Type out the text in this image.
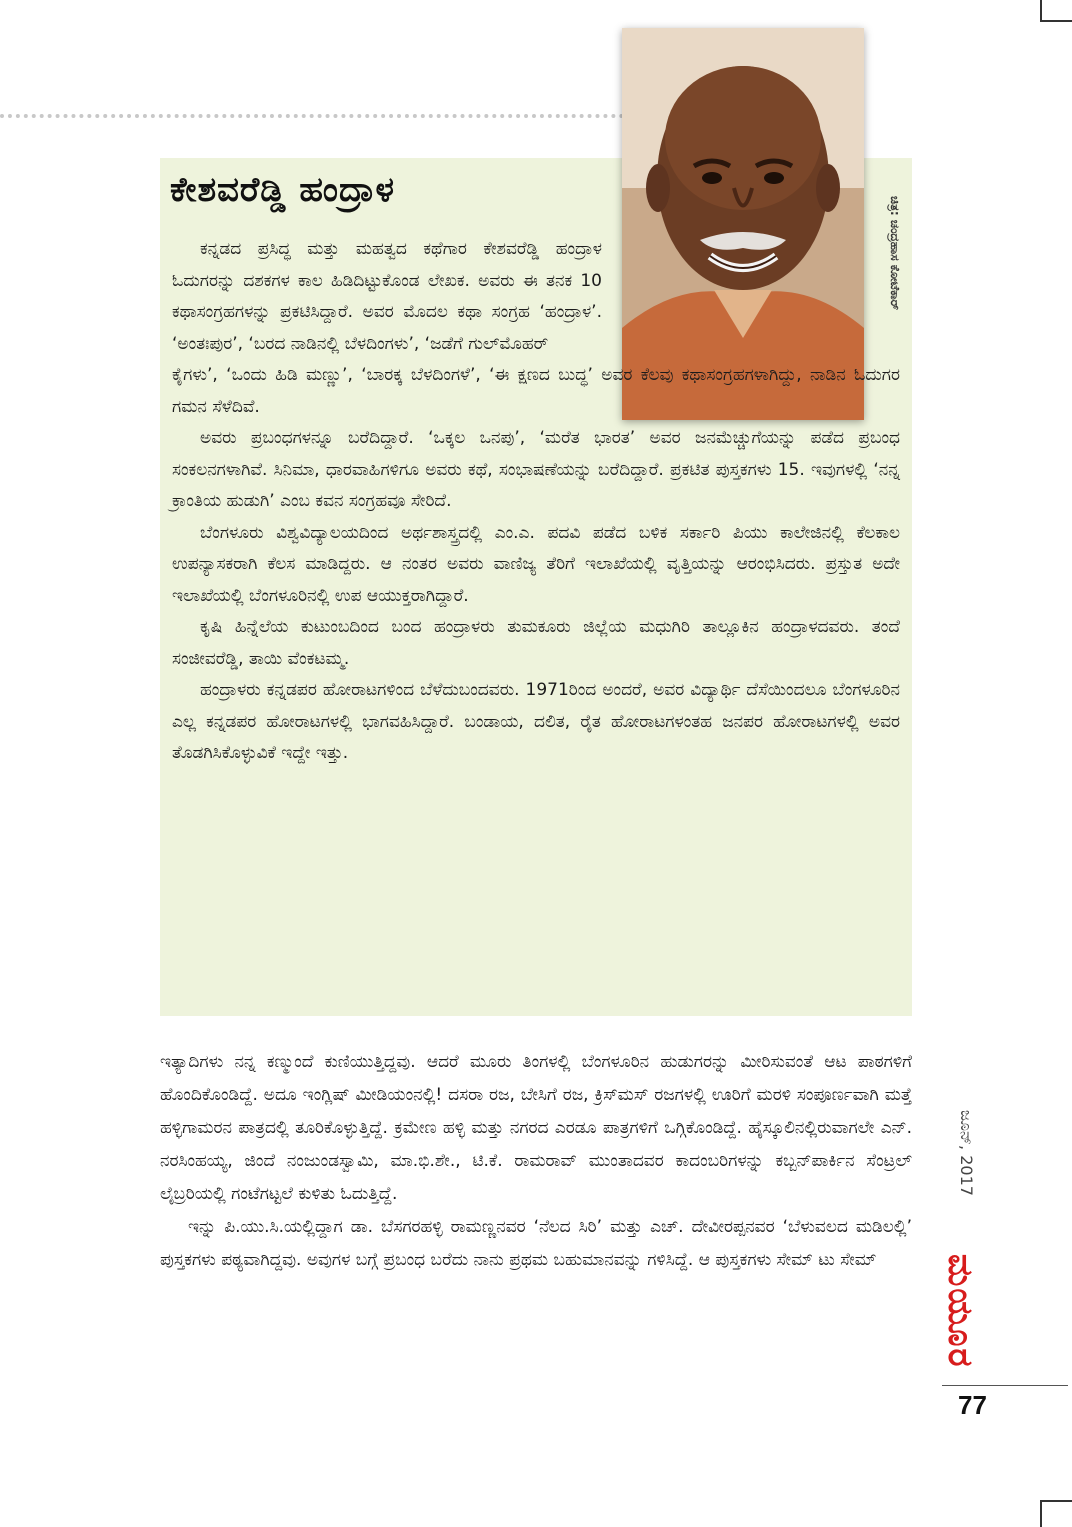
ಕೇಶವರೆಡ್ಡಿ ಹಂದ್ರಾಳ
ಚಿತ್ರ: ಚಂದ್ರಹಾಸ ಕೋಟೆಕಾರ್

ಕನ್ನಡದ ಪ್ರಸಿದ್ಧ ಮತ್ತು ಮಹತ್ವದ ಕಥೆಗಾರ ಕೇಶವರೆಡ್ಡಿ ಹಂದ್ರಾಳ ಓದುಗರನ್ನು ದಶಕಗಳ ಕಾಲ ಹಿಡಿದಿಟ್ಟುಕೊಂಡ ಲೇಖಕ. ಅವರು ಈ ತನಕ 10 ಕಥಾಸಂಗ್ರಹಗಳನ್ನು ಪ್ರಕಟಿಸಿದ್ದಾರೆ. ಅವರ ಮೊದಲ ಕಥಾ ಸಂಗ್ರಹ ‘ಹಂದ್ರಾಳ’. ‘ಅಂತಃಪುರ’, ‘ಬರದ ನಾಡಿನಲ್ಲಿ ಬೆಳದಿಂಗಳು’, ‘ಜಡೆಗೆ ಗುಲ್‌ಮೊಹರ್

ಕೈಗಳು’, ‘ಒಂದು ಹಿಡಿ ಮಣ್ಣು’, ‘ಬಾರಕ್ಕ ಬೆಳದಿಂಗಳೆ’, ‘ಈ ಕ್ಷಣದ ಬುದ್ಧ’ ಅವರ ಕೆಲವು ಕಥಾಸಂಗ್ರಹಗಳಾಗಿದ್ದು, ನಾಡಿನ ಓದುಗರ ಗಮನ ಸೆಳೆದಿವೆ.

ಅವರು ಪ್ರಬಂಧಗಳನ್ನೂ ಬರೆದಿದ್ದಾರೆ. ‘ಒಕ್ಕಲ ಒನಪು’, ‘ಮರೆತ ಭಾರತ’ ಅವರ ಜನಮೆಚ್ಚುಗೆಯನ್ನು ಪಡೆದ ಪ್ರಬಂಧ ಸಂಕಲನಗಳಾಗಿವೆ. ಸಿನಿಮಾ, ಧಾರವಾಹಿಗಳಿಗೂ ಅವರು ಕಥೆ, ಸಂಭಾಷಣೆಯನ್ನು ಬರೆದಿದ್ದಾರೆ. ಪ್ರಕಟಿತ ಪುಸ್ತಕಗಳು 15. ಇವುಗಳಲ್ಲಿ ‘ನನ್ನ ಕ್ರಾಂತಿಯ ಹುಡುಗಿ’ ಎಂಬ ಕವನ ಸಂಗ್ರಹವೂ ಸೇರಿದೆ.

ಬೆಂಗಳೂರು ವಿಶ್ವವಿದ್ಯಾಲಯದಿಂದ ಅರ್ಥಶಾಸ್ತ್ರದಲ್ಲಿ ಎಂ.ಎ. ಪದವಿ ಪಡೆದ ಬಳಿಕ ಸರ್ಕಾರಿ ಪಿಯು ಕಾಲೇಜಿನಲ್ಲಿ ಕೆಲಕಾಲ ಉಪನ್ಯಾಸಕರಾಗಿ ಕೆಲಸ ಮಾಡಿದ್ದರು. ಆ ನಂತರ ಅವರು ವಾಣಿಜ್ಯ ತೆರಿಗೆ ಇಲಾಖೆಯಲ್ಲಿ ವೃತ್ತಿಯನ್ನು ಆರಂಭಿಸಿದರು. ಪ್ರಸ್ತುತ ಅದೇ ಇಲಾಖೆಯಲ್ಲಿ ಬೆಂಗಳೂರಿನಲ್ಲಿ ಉಪ ಆಯುಕ್ತರಾಗಿದ್ದಾರೆ.

ಕೃಷಿ ಹಿನ್ನೆಲೆಯ ಕುಟುಂಬದಿಂದ ಬಂದ ಹಂದ್ರಾಳರು ತುಮಕೂರು ಜಿಲ್ಲೆಯ ಮಧುಗಿರಿ ತಾಲ್ಲೂಕಿನ ಹಂದ್ರಾಳದವರು. ತಂದೆ ಸಂಜೀವರೆಡ್ಡಿ, ತಾಯಿ ವೆಂಕಟಮ್ಮ.

ಹಂದ್ರಾಳರು ಕನ್ನಡಪರ ಹೋರಾಟಗಳಿಂದ ಬೆಳೆದುಬಂದವರು. 1971ರಿಂದ ಅಂದರೆ, ಅವರ ವಿದ್ಯಾರ್ಥಿ ದೆಸೆಯಿಂದಲೂ ಬೆಂಗಳೂರಿನ ಎಲ್ಲ ಕನ್ನಡಪರ ಹೋರಾಟಗಳಲ್ಲಿ ಭಾಗವಹಿಸಿದ್ದಾರೆ. ಬಂಡಾಯ, ದಲಿತ, ರೈತ ಹೋರಾಟಗಳಂತಹ ಜನಪರ ಹೋರಾಟಗಳಲ್ಲಿ ಅವರ ತೊಡಗಿಸಿಕೊಳ್ಳುವಿಕೆ ಇದ್ದೇ ಇತ್ತು.

ಇತ್ಯಾದಿಗಳು ನನ್ನ ಕಣ್ಮುಂದೆ ಕುಣಿಯುತ್ತಿದ್ದವು. ಆದರೆ ಮೂರು ತಿಂಗಳಲ್ಲಿ ಬೆಂಗಳೂರಿನ ಹುಡುಗರನ್ನು ಮೀರಿಸುವಂತೆ ಆಟ ಪಾಠಗಳಿಗೆ ಹೊಂದಿಕೊಂಡಿದ್ದೆ. ಅದೂ ಇಂಗ್ಲಿಷ್ ಮೀಡಿಯಂನಲ್ಲಿ! ದಸರಾ ರಜ, ಬೇಸಿಗೆ ರಜ, ಕ್ರಿಸ್‌ಮಸ್ ರಜಗಳಲ್ಲಿ ಊರಿಗೆ ಮರಳಿ ಸಂಪೂರ್ಣವಾಗಿ ಮತ್ತೆ ಹಳ್ಳಿಗಾಮರನ ಪಾತ್ರದಲ್ಲಿ ತೂರಿಕೊಳ್ಳುತ್ತಿದ್ದೆ. ಕ್ರಮೇಣ ಹಳ್ಳಿ ಮತ್ತು ನಗರದ ಎರಡೂ ಪಾತ್ರಗಳಿಗೆ ಒಗ್ಗಿಕೊಂಡಿದ್ದೆ. ಹೈಸ್ಕೂಲಿನಲ್ಲಿರುವಾಗಲೇ ಎನ್. ನರಸಿಂಹಯ್ಯ, ಜಿಂದೆ ನಂಜುಂಡಸ್ವಾಮಿ, ಮಾ.ಭಿ.ಶೇ., ಟಿ.ಕೆ. ರಾಮರಾವ್ ಮುಂತಾದವರ ಕಾದಂಬರಿಗಳನ್ನು ಕಬ್ಬನ್‌ಪಾರ್ಕಿನ ಸೆಂಟ್ರಲ್ ಲೈಬ್ರರಿಯಲ್ಲಿ ಗಂಟೆಗಟ್ಟಲೆ ಕುಳಿತು ಓದುತ್ತಿದ್ದೆ.

ಇನ್ನು ಪಿ.ಯು.ಸಿ.ಯಲ್ಲಿದ್ದಾಗ ಡಾ. ಬೆಸಗರಹಳ್ಳಿ ರಾಮಣ್ಣನವರ ‘ನೆಲದ ಸಿರಿ’ ಮತ್ತು ಎಚ್. ದೇವೀರಪ್ಪನವರ ‘ಬೆಳುವಲದ ಮಡಿಲಲ್ಲಿ’ ಪುಸ್ತಕಗಳು ಪಠ್ಯವಾಗಿದ್ದವು. ಅವುಗಳ ಬಗ್ಗೆ ಪ್ರಬಂಧ ಬರೆದು ನಾನು ಪ್ರಥಮ ಬಹುಮಾನವನ್ನು ಗಳಿಸಿದ್ದೆ. ಆ ಪುಸ್ತಕಗಳು ಸೇಮ್ ಟು ಸೇಮ್

ಜೂನ್, 2017
ಮಯೂರ
77
